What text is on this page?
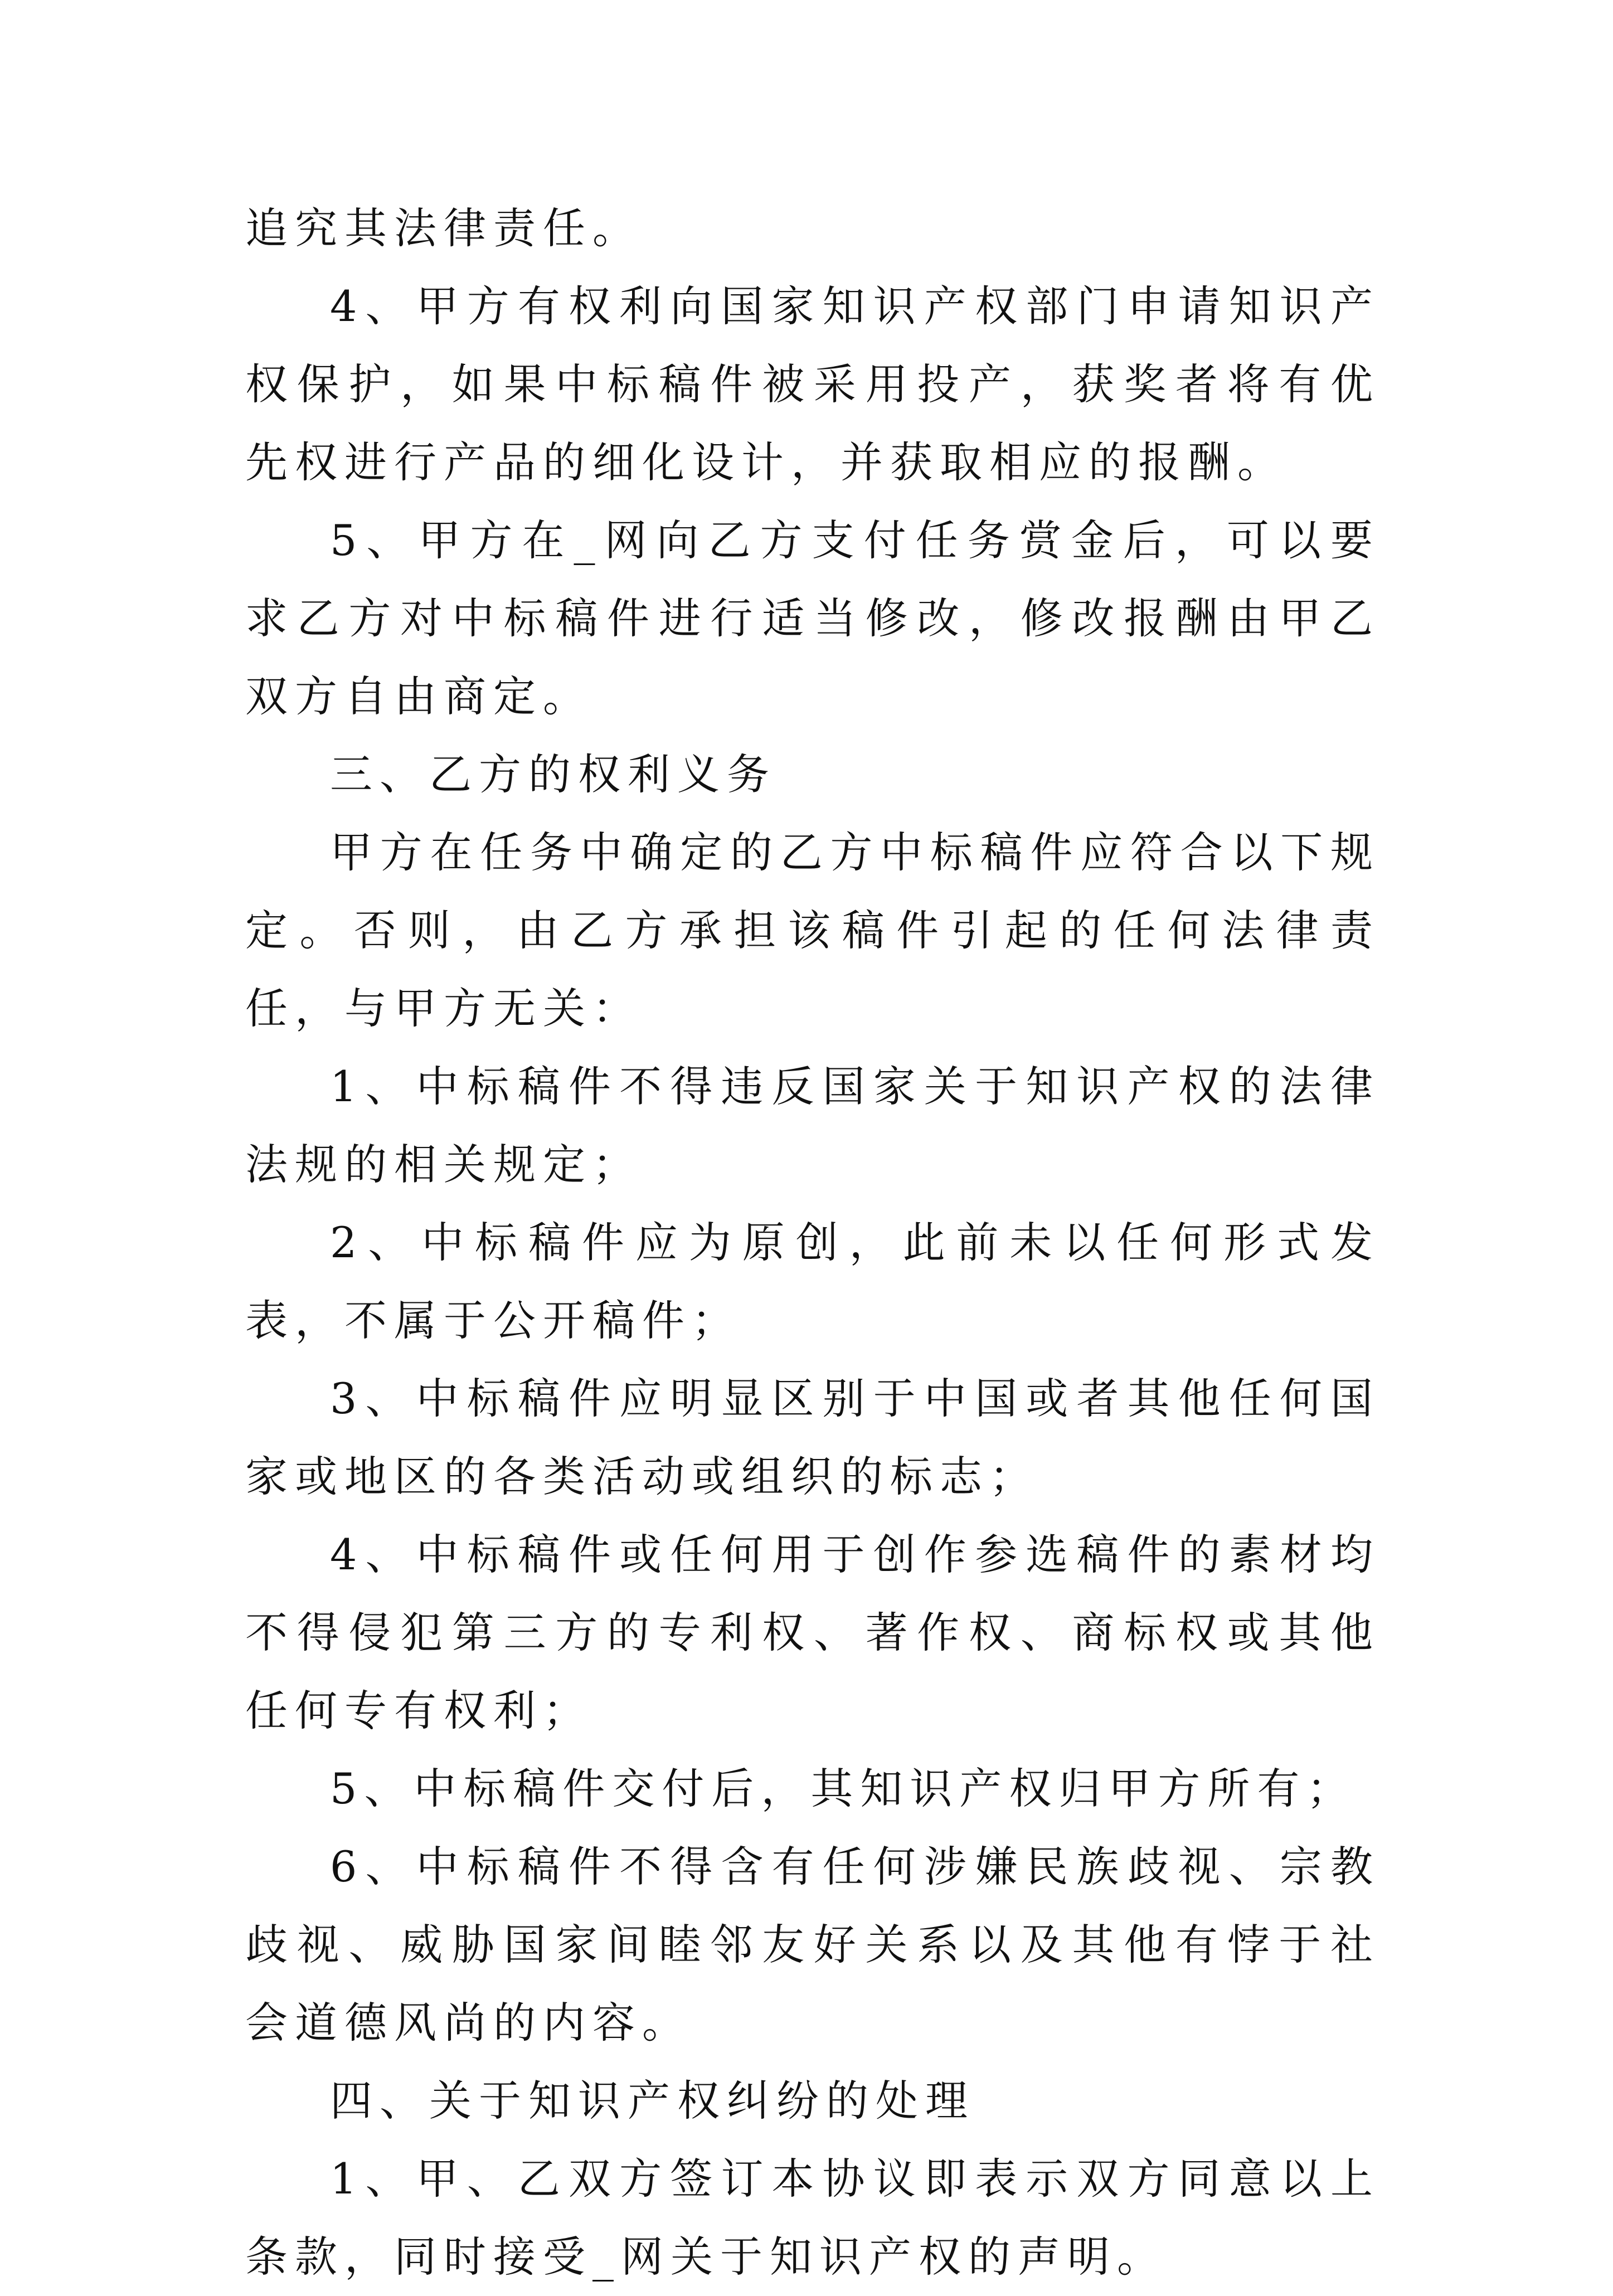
追究其法律责任。

4、甲方有权利向国家知识产权部门申请知识产权保护，如果中标稿件被采用投产，获奖者将有优先权进行产品的细化设计，并获取相应的报酬。

5、甲方在_网向乙方支付任务赏金后，可以要求乙方对中标稿件进行适当修改，修改报酬由甲乙双方自由商定。

三、乙方的权利义务

甲方在任务中确定的乙方中标稿件应符合以下规定。否则，由乙方承担该稿件引起的任何法律责任，与甲方无关：

1、中标稿件不得违反国家关于知识产权的法律法规的相关规定；

2、中标稿件应为原创，此前未以任何形式发表，不属于公开稿件；

3、中标稿件应明显区别于中国或者其他任何国家或地区的各类活动或组织的标志；

4、中标稿件或任何用于创作参选稿件的素材均不得侵犯第三方的专利权、著作权、商标权或其他任何专有权利；

5、中标稿件交付后，其知识产权归甲方所有；

6、中标稿件不得含有任何涉嫌民族歧视、宗教歧视、威胁国家间睦邻友好关系以及其他有悖于社会道德风尚的内容。

四、关于知识产权纠纷的处理

1、甲、乙双方签订本协议即表示双方同意以上条款，同时接受_网关于知识产权的声明。
